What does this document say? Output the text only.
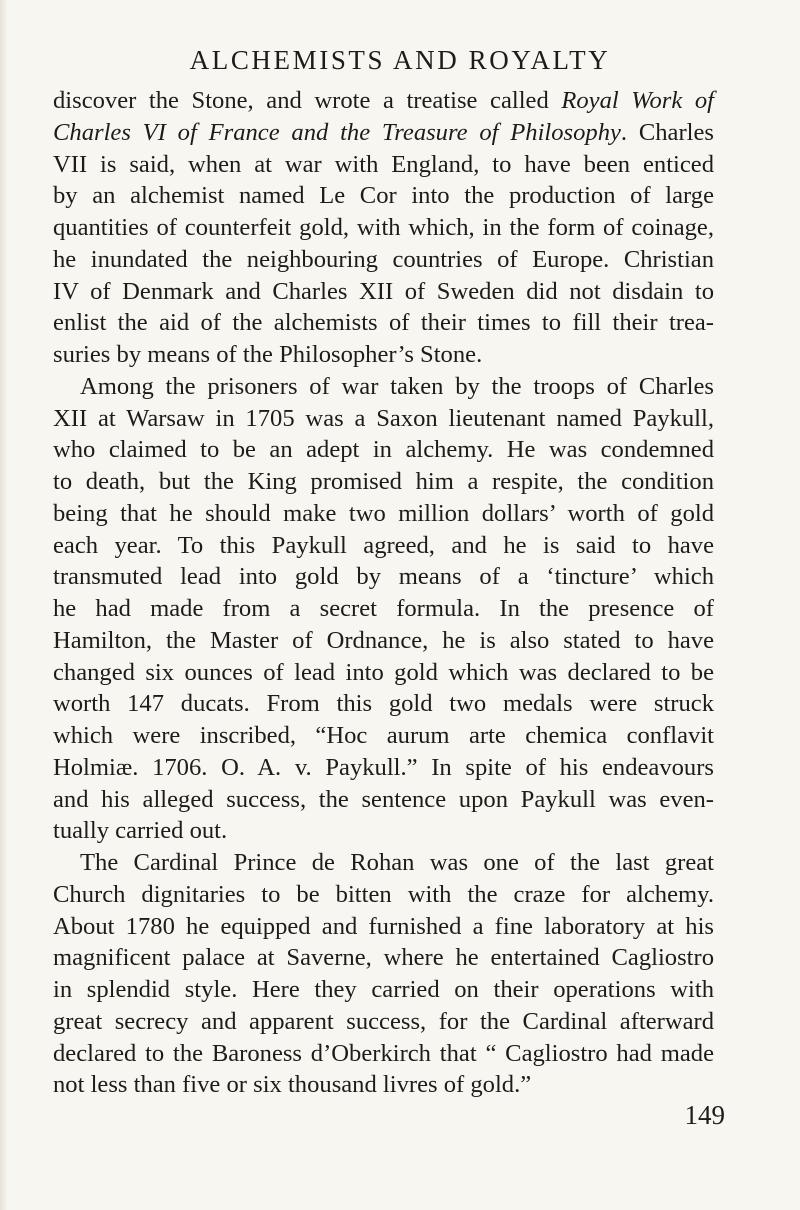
ALCHEMISTS AND ROYALTY
discover the Stone, and wrote a treatise called Royal Work of
Charles VI of France and the Treasure of Philosophy. Charles
VII is said, when at war with England, to have been enticed
by an alchemist named Le Cor into the production of large
quantities of counterfeit gold, with which, in the form of coinage,
he inundated the neighbouring countries of Europe. Christian
IV of Denmark and Charles XII of Sweden did not disdain to
enlist the aid of the alchemists of their times to fill their trea-
suries by means of the Philosopher’s Stone.
Among the prisoners of war taken by the troops of Charles
XII at Warsaw in 1705 was a Saxon lieutenant named Paykull,
who claimed to be an adept in alchemy. He was condemned
to death, but the King promised him a respite, the condition
being that he should make two million dollars’ worth of gold
each year. To this Paykull agreed, and he is said to have
transmuted lead into gold by means of a ‘tincture’ which
he had made from a secret formula. In the presence of
Hamilton, the Master of Ordnance, he is also stated to have
changed six ounces of lead into gold which was declared to be
worth 147 ducats. From this gold two medals were struck
which were inscribed, “Hoc aurum arte chemica conflavit
Holmiæ. 1706. O. A. v. Paykull.” In spite of his endeavours
and his alleged success, the sentence upon Paykull was even-
tually carried out.
The Cardinal Prince de Rohan was one of the last great
Church dignitaries to be bitten with the craze for alchemy.
About 1780 he equipped and furnished a fine laboratory at his
magnificent palace at Saverne, where he entertained Cagliostro
in splendid style. Here they carried on their operations with
great secrecy and apparent success, for the Cardinal afterward
declared to the Baroness d’Oberkirch that “ Cagliostro had made
not less than five or six thousand livres of gold.”
149
